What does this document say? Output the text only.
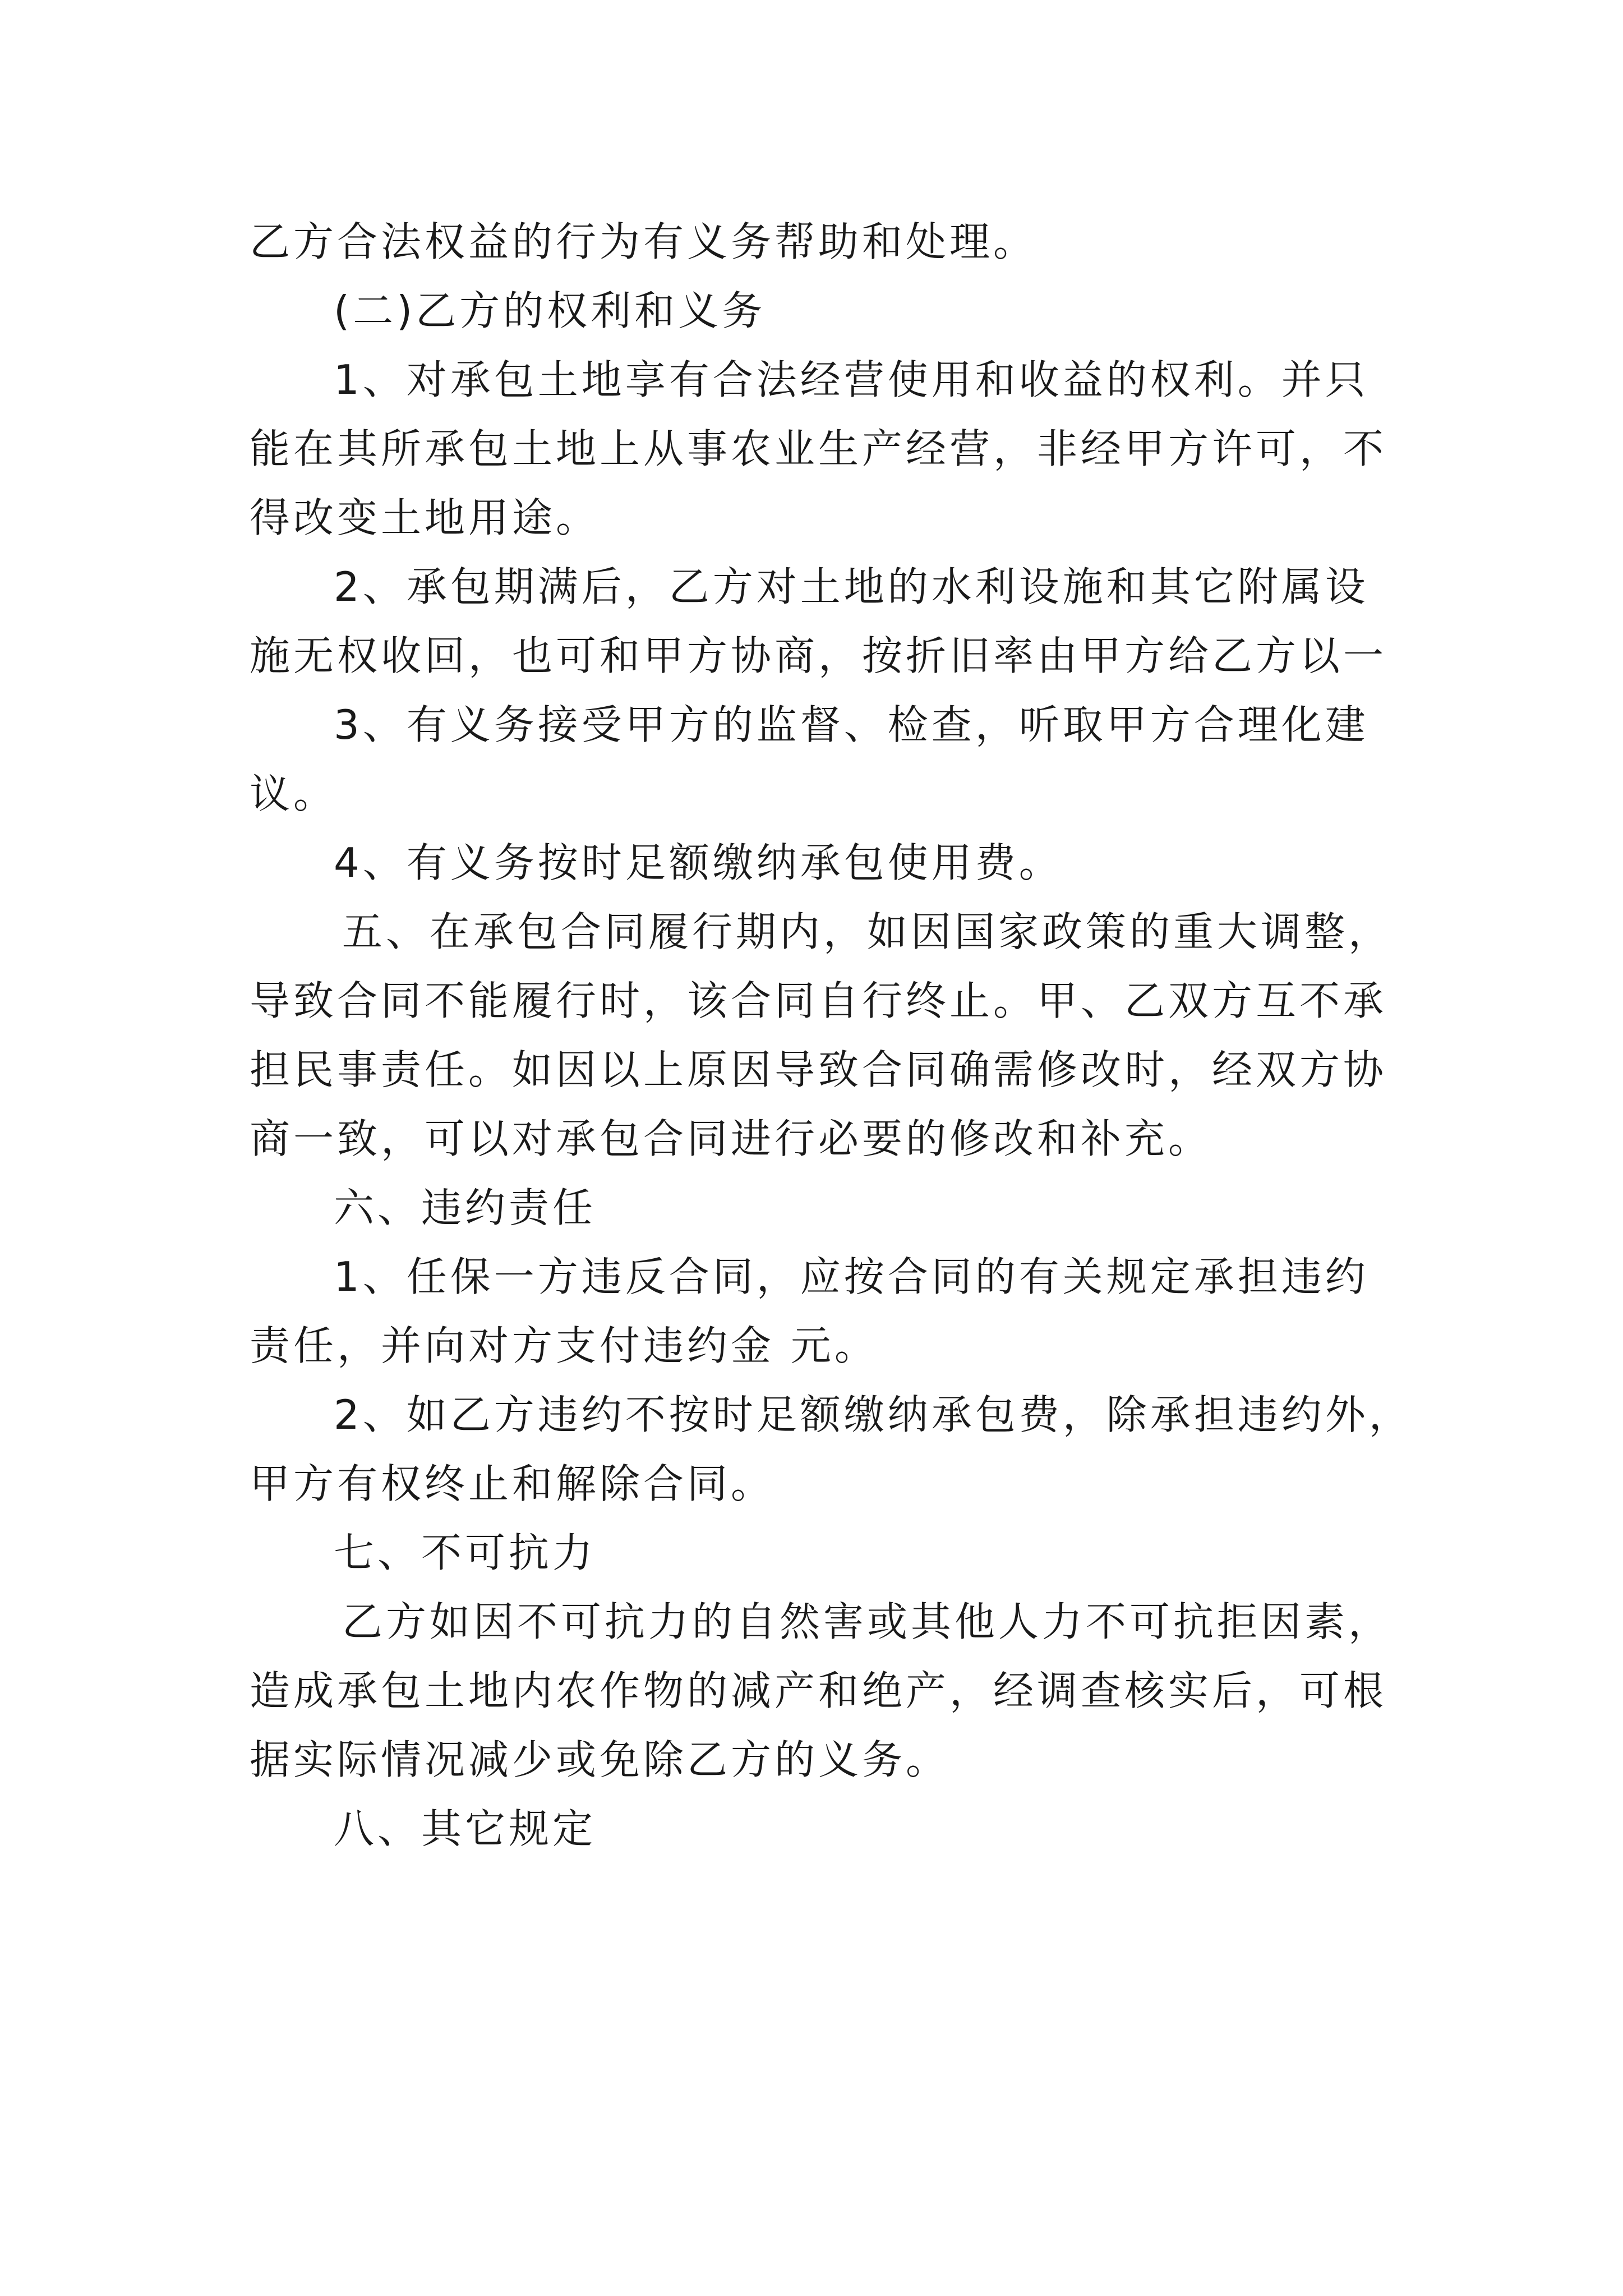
乙方合法权益的行为有义务帮助和处理。
(二)乙方的权利和义务
1、对承包土地享有合法经营使用和收益的权利。并只
能在其所承包土地上从事农业生产经营，非经甲方许可，不
得改变土地用途。
2、承包期满后，乙方对土地的水利设施和其它附属设
施无权收回，也可和甲方协商，按折旧率由甲方给乙方以一
3、有义务接受甲方的监督、检查，听取甲方合理化建
议。
4、有义务按时足额缴纳承包使用费。
五、在承包合同履行期内，如因国家政策的重大调整，
导致合同不能履行时，该合同自行终止。甲、乙双方互不承
担民事责任。如因以上原因导致合同确需修改时，经双方协
商一致，可以对承包合同进行必要的修改和补充。
六、违约责任
1、任保一方违反合同，应按合同的有关规定承担违约
责任，并向对方支付违约金 元。
2、如乙方违约不按时足额缴纳承包费，除承担违约外，
甲方有权终止和解除合同。
七、不可抗力
乙方如因不可抗力的自然害或其他人力不可抗拒因素，
造成承包土地内农作物的减产和绝产，经调查核实后，可根
据实际情况减少或免除乙方的义务。
八、其它规定
